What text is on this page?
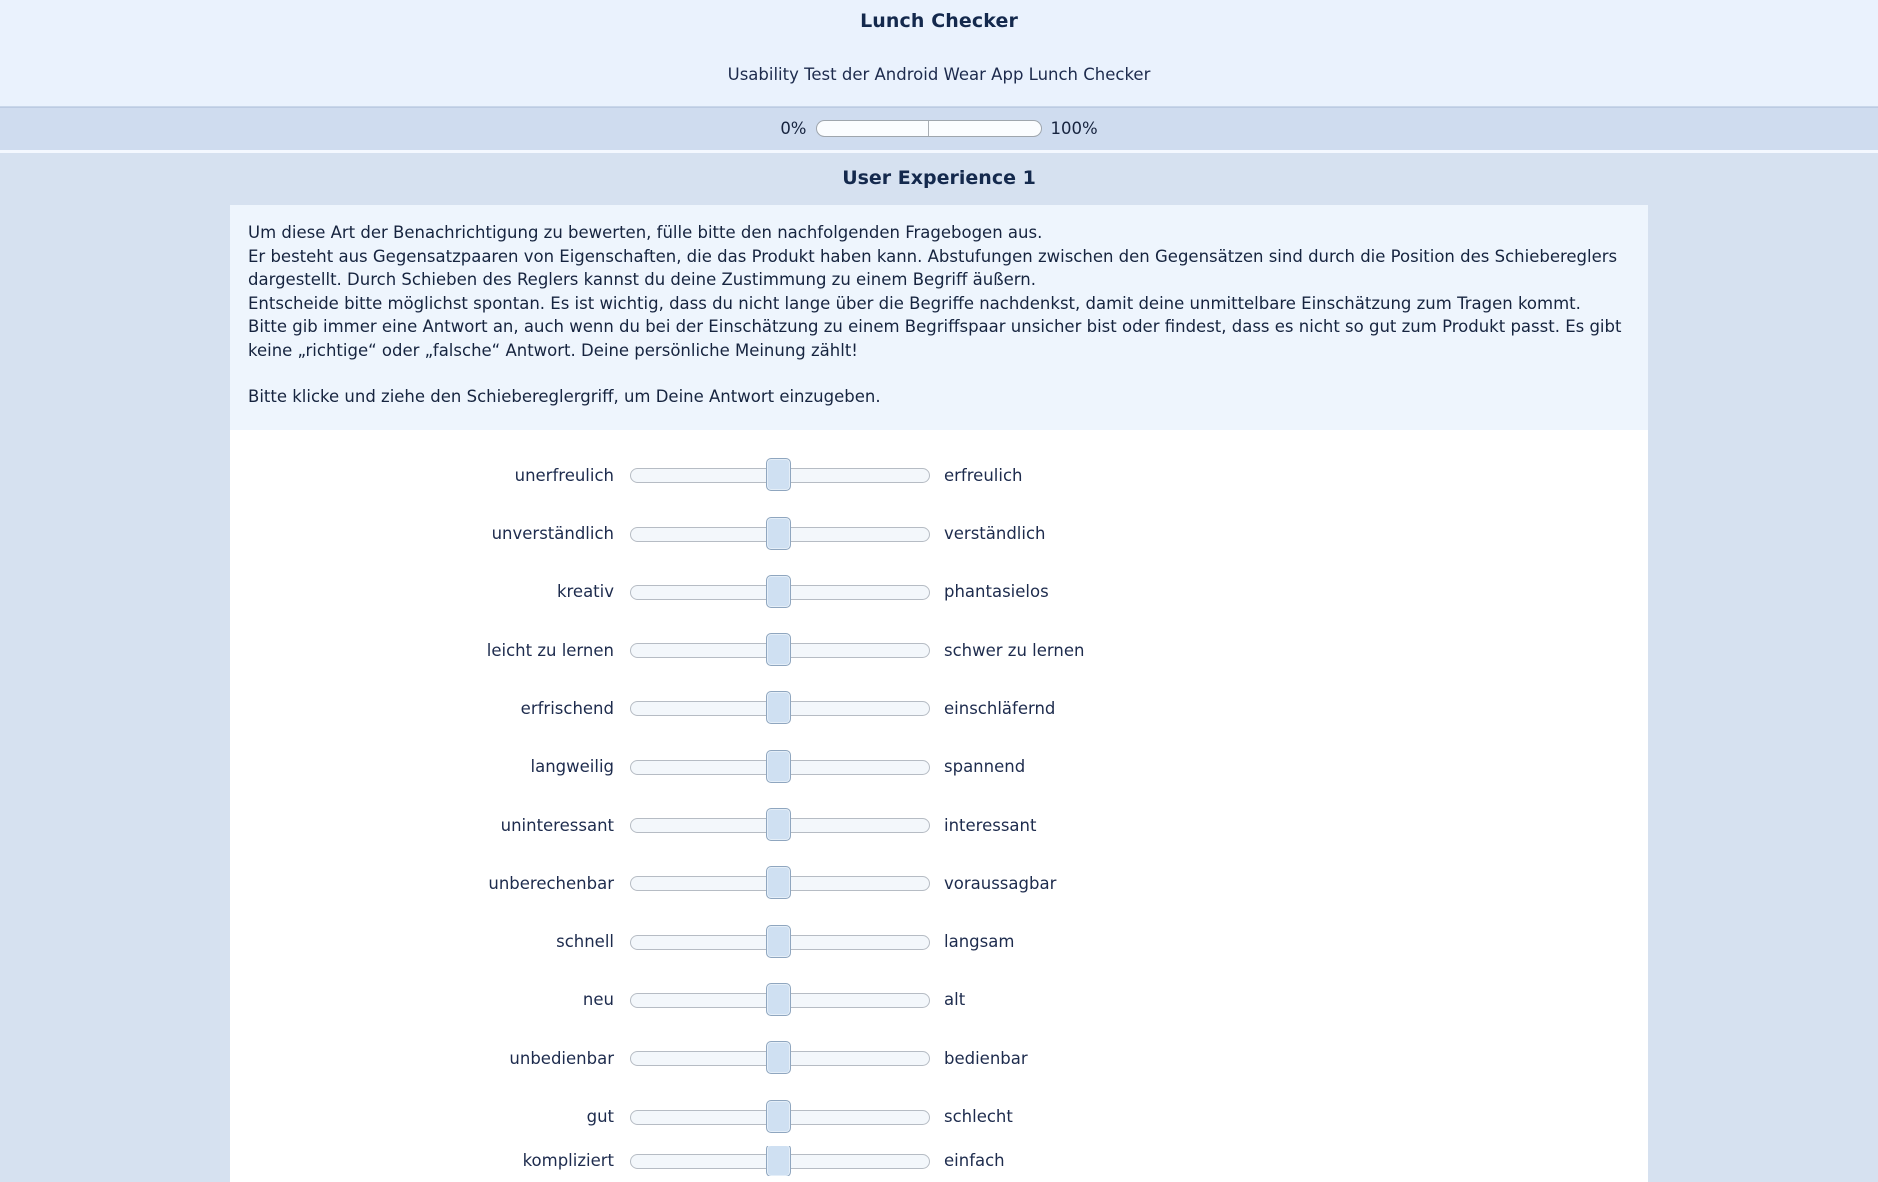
Lunch Checker
Usability Test der Android Wear App Lunch Checker
0%	100%
User Experience 1

Um diese Art der Benachrichtigung zu bewerten, fülle bitte den nachfolgenden Fragebogen aus.

Er besteht aus Gegensatzpaaren von Eigenschaften, die das Produkt haben kann. Abstufungen zwischen den Gegensätzen sind durch die Position des Schiebereglers dargestellt. Durch Schieben des Reglers kannst du deine Zustimmung zu einem Begriff äußern.

Entscheide bitte möglichst spontan. Es ist wichtig, dass du nicht lange über die Begriffe nachdenkst, damit deine unmittelbare Einschätzung zum Tragen kommt.

Bitte gib immer eine Antwort an, auch wenn du bei der Einschätzung zu einem Begriffspaar unsicher bist oder findest, dass es nicht so gut zum Produkt passt. Es gibt keine „richtige“ oder „falsche“ Antwort. Deine persönliche Meinung zählt!

Bitte klicke und ziehe den Schiebereglergriff, um Deine Antwort einzugeben.

unerfreulich	erfreulich
unverständlich	verständlich
kreativ	phantasielos
leicht zu lernen	schwer zu lernen
erfrischend	einschläfernd
langweilig	spannend
uninteressant	interessant
unberechenbar	voraussagbar
schnell	langsam
neu	alt
unbedienbar	bedienbar
gut	schlecht
kompliziert	einfach
